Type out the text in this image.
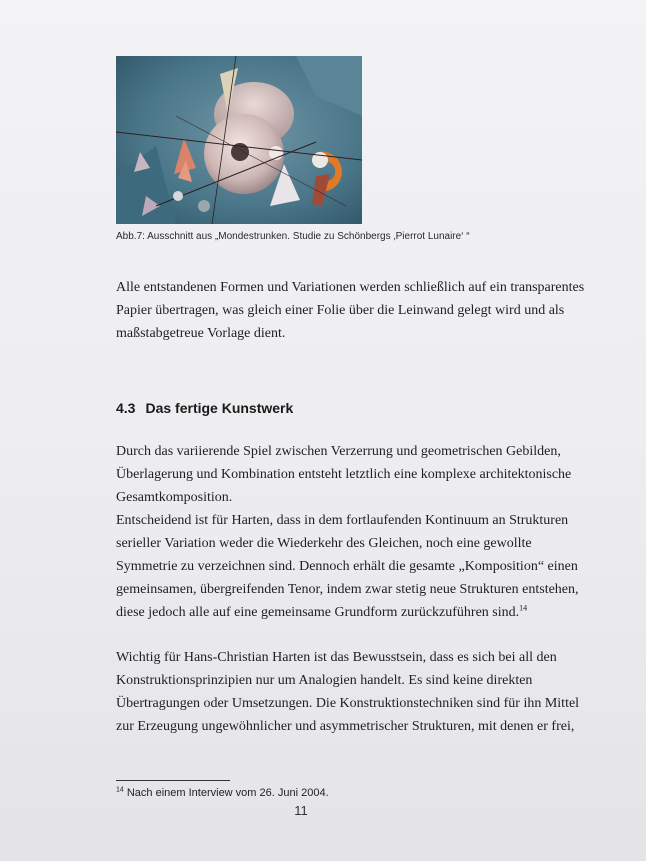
Abb.7: Ausschnitt aus „Mondestrunken. Studie zu Schönbergs ‚Pierrot Lunaire‘ “
Alle entstandenen Formen und Variationen werden schließlich auf ein transparentes
Papier übertragen, was gleich einer Folie über die Leinwand gelegt wird und als
maßstabgetreue Vorlage dient.
4.3 Das fertige Kunstwerk
Durch das variierende Spiel zwischen Verzerrung und geometrischen Gebilden,
Überlagerung und Kombination entsteht letztlich eine komplexe architektonische
Gesamtkomposition.
Entscheidend ist für Harten, dass in dem fortlaufenden Kontinuum an Strukturen
serieller Variation weder die Wiederkehr des Gleichen, noch eine gewollte
Symmetrie zu verzeichnen sind. Dennoch erhält die gesamte „Komposition“ einen
gemeinsamen, übergreifenden Tenor, indem zwar stetig neue Strukturen entstehen,
diese jedoch alle auf eine gemeinsame Grundform zurückzuführen sind.$^{14}$
Wichtig für Hans-Christian Harten ist das Bewusstsein, dass es sich bei all den
Konstruktionsprinzipien nur um Analogien handelt. Es sind keine direkten
Übertragungen oder Umsetzungen. Die Konstruktionstechniken sind für ihn Mittel
zur Erzeugung ungewöhnlicher und asymmetrischer Strukturen, mit denen er frei,
$^{14}$ Nach einem Interview vom 26. Juni 2004.
11
